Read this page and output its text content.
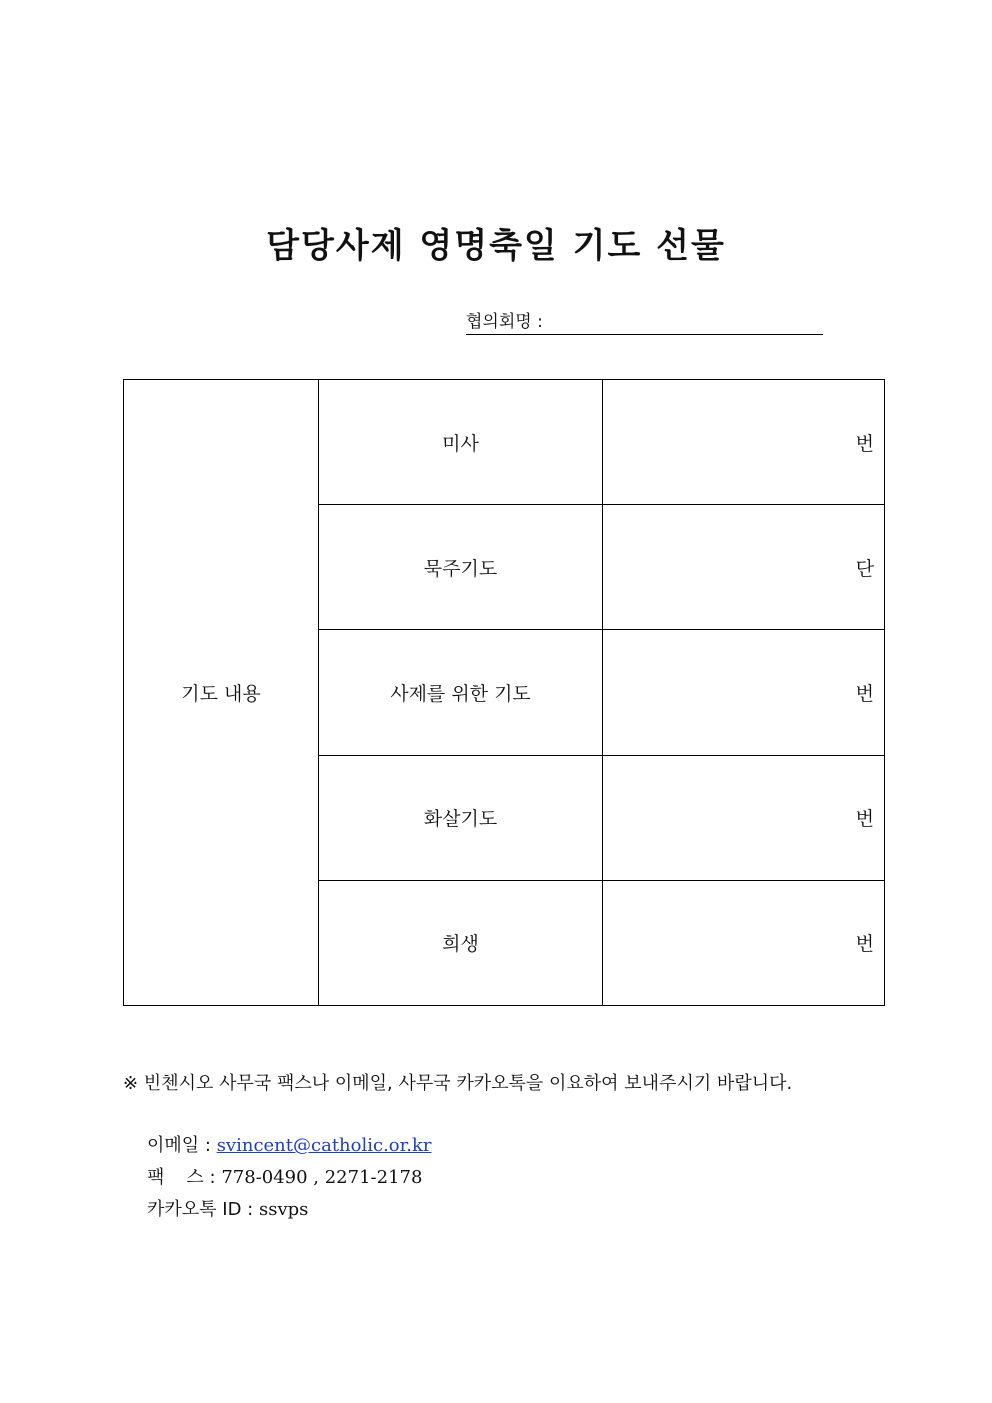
담당사제 영명축일 기도 선물
협의회명 :
기도 내용	미사	번
	묵주기도	단
	사제를 위한 기도	번
	화살기도	번
	희생	번
※ 빈첸시오 사무국 팩스나 이메일, 사무국 카카오톡을 이요하여 보내주시기 바랍니다.
이메일 : svincent@catholic.or.kr
팩 스 : 778-0490 , 2271-2178
카카오톡 ID : ssvps
